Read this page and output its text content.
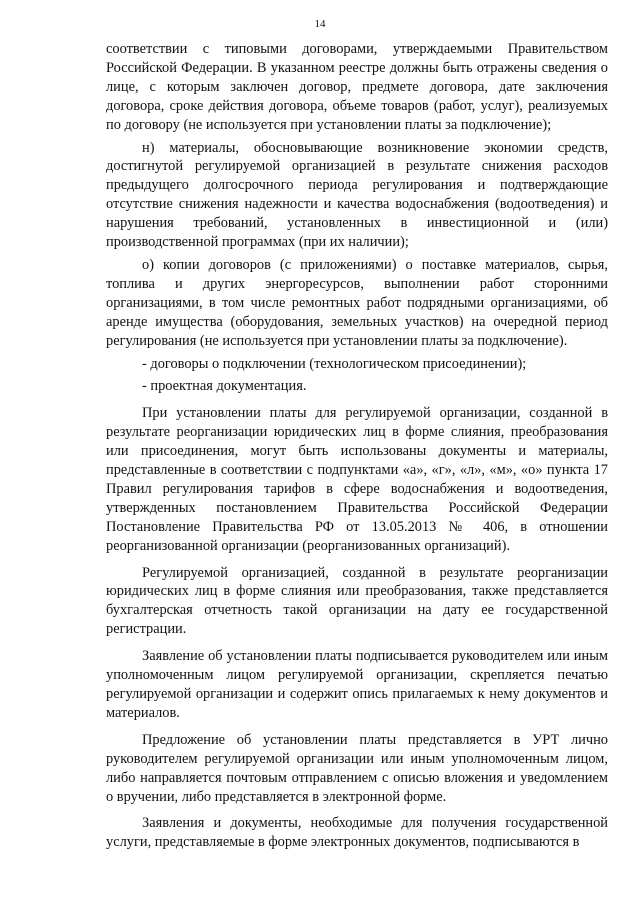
14

соответствии с типовыми договорами, утверждаемыми Правительством Российской Федерации. В указанном реестре должны быть отражены сведения о лице, с которым заключен договор, предмете договора, дате заключения договора, сроке действия договора, объеме товаров (работ, услуг), реализуемых по договору (не используется при установлении платы за подключение);

н) материалы, обосновывающие возникновение экономии средств, достигнутой регулируемой организацией в результате снижения расходов предыдущего долгосрочного периода регулирования и подтверждающие отсутствие снижения надежности и качества водоснабжения (водоотведения) и нарушения требований, установленных в инвестиционной и (или) производственной программах (при их наличии);

о) копии договоров (с приложениями) о поставке материалов, сырья, топлива и других энергоресурсов, выполнении работ сторонними организациями, в том числе ремонтных работ подрядными организациями, об аренде имущества (оборудования, земельных участков) на очередной период регулирования (не используется при установлении платы за подключение).

- договоры о подключении (технологическом присоединении);

- проектная документация.

При установлении платы для регулируемой организации, созданной в результате реорганизации юридических лиц в форме слияния, преобразования или присоединения, могут быть использованы документы и материалы, представленные в соответствии с подпунктами «а», «г», «л», «м», «о» пункта 17 Правил регулирования тарифов в сфере водоснабжения и водоотведения, утвержденных постановлением Правительства Российской Федерации Постановление Правительства РФ от 13.05.2013 № 406, в отношении реорганизованной организации (реорганизованных организаций).

Регулируемой организацией, созданной в результате реорганизации юридических лиц в форме слияния или преобразования, также представляется бухгалтерская отчетность такой организации на дату ее государственной регистрации.

Заявление об установлении платы подписывается руководителем или иным уполномоченным лицом регулируемой организации, скрепляется печатью регулируемой организации и содержит опись прилагаемых к нему документов и материалов.

Предложение об установлении платы представляется в УРТ лично руководителем регулируемой организации или иным уполномоченным лицом, либо направляется почтовым отправлением с описью вложения и уведомлением о вручении, либо представляется в электронной форме.

Заявления и документы, необходимые для получения государственной услуги, представляемые в форме электронных документов, подписываются в
